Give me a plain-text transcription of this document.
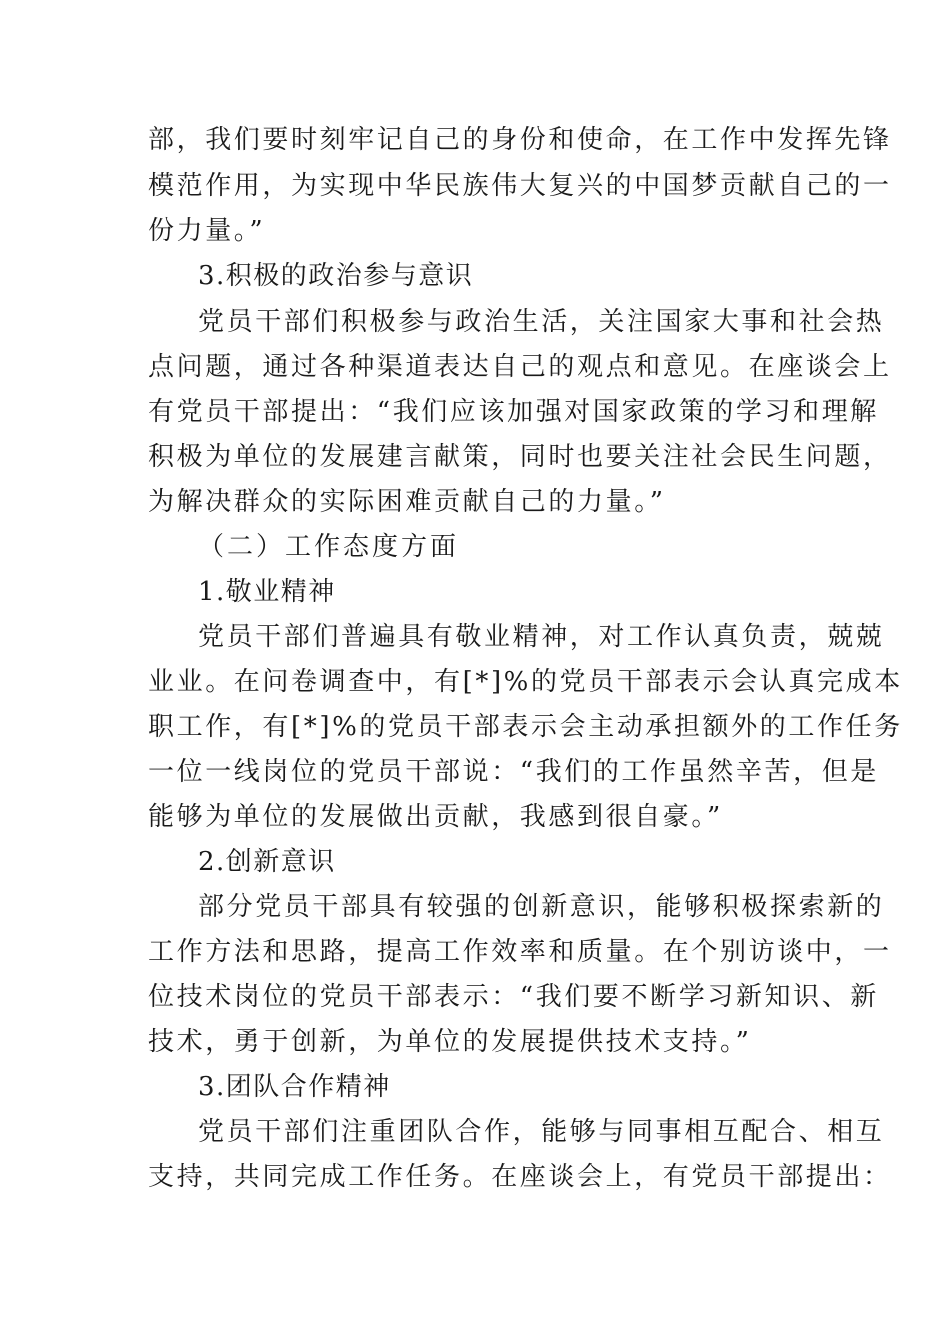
部，我们要时刻牢记自己的身份和使命，在工作中发挥先锋
模范作用，为实现中华民族伟大复兴的中国梦贡献自己的一
份力量。”
3.积极的政治参与意识
党员干部们积极参与政治生活，关注国家大事和社会热
点问题，通过各种渠道表达自己的观点和意见。在座谈会上
有党员干部提出：“我们应该加强对国家政策的学习和理解
积极为单位的发展建言献策，同时也要关注社会民生问题，
为解决群众的实际困难贡献自己的力量。”
（二）工作态度方面
1.敬业精神
党员干部们普遍具有敬业精神，对工作认真负责，兢兢
业业。在问卷调查中，有[*]%的党员干部表示会认真完成本
职工作，有[*]%的党员干部表示会主动承担额外的工作任务
一位一线岗位的党员干部说：“我们的工作虽然辛苦，但是
能够为单位的发展做出贡献，我感到很自豪。”
2.创新意识
部分党员干部具有较强的创新意识，能够积极探索新的
工作方法和思路，提高工作效率和质量。在个别访谈中，一
位技术岗位的党员干部表示：“我们要不断学习新知识、新
技术，勇于创新，为单位的发展提供技术支持。”
3.团队合作精神
党员干部们注重团队合作，能够与同事相互配合、相互
支持，共同完成工作任务。在座谈会上，有党员干部提出：
